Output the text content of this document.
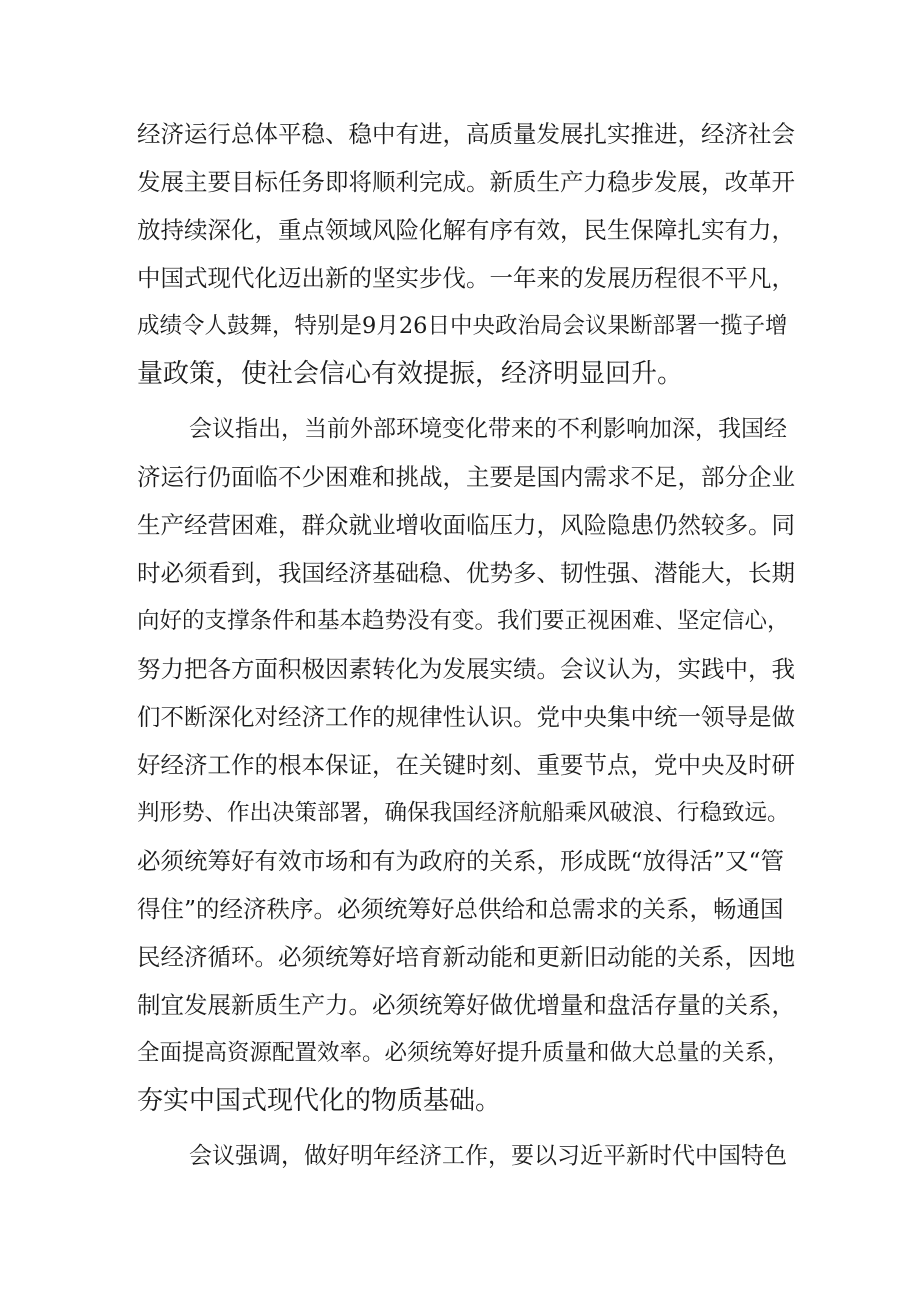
经济运行总体平稳、稳中有进，高质量发展扎实推进，经济社会
发展主要目标任务即将顺利完成。新质生产力稳步发展，改革开
放持续深化，重点领域风险化解有序有效，民生保障扎实有力，
中国式现代化迈出新的坚实步伐。一年来的发展历程很不平凡，
成绩令人鼓舞，特别是9月26日中央政治局会议果断部署一揽子增
量政策，使社会信心有效提振，经济明显回升。
会议指出，当前外部环境变化带来的不利影响加深，我国经
济运行仍面临不少困难和挑战，主要是国内需求不足，部分企业
生产经营困难，群众就业增收面临压力，风险隐患仍然较多。同
时必须看到，我国经济基础稳、优势多、韧性强、潜能大，长期
向好的支撑条件和基本趋势没有变。我们要正视困难、坚定信心，
努力把各方面积极因素转化为发展实绩。会议认为，实践中，我
们不断深化对经济工作的规律性认识。党中央集中统一领导是做
好经济工作的根本保证，在关键时刻、重要节点，党中央及时研
判形势、作出决策部署，确保我国经济航船乘风破浪、行稳致远。
必须统筹好有效市场和有为政府的关系，形成既“放得活”又“管
得住”的经济秩序。必须统筹好总供给和总需求的关系，畅通国
民经济循环。必须统筹好培育新动能和更新旧动能的关系，因地
制宜发展新质生产力。必须统筹好做优增量和盘活存量的关系，
全面提高资源配置效率。必须统筹好提升质量和做大总量的关系，
夯实中国式现代化的物质基础。
会议强调，做好明年经济工作，要以习近平新时代中国特色
